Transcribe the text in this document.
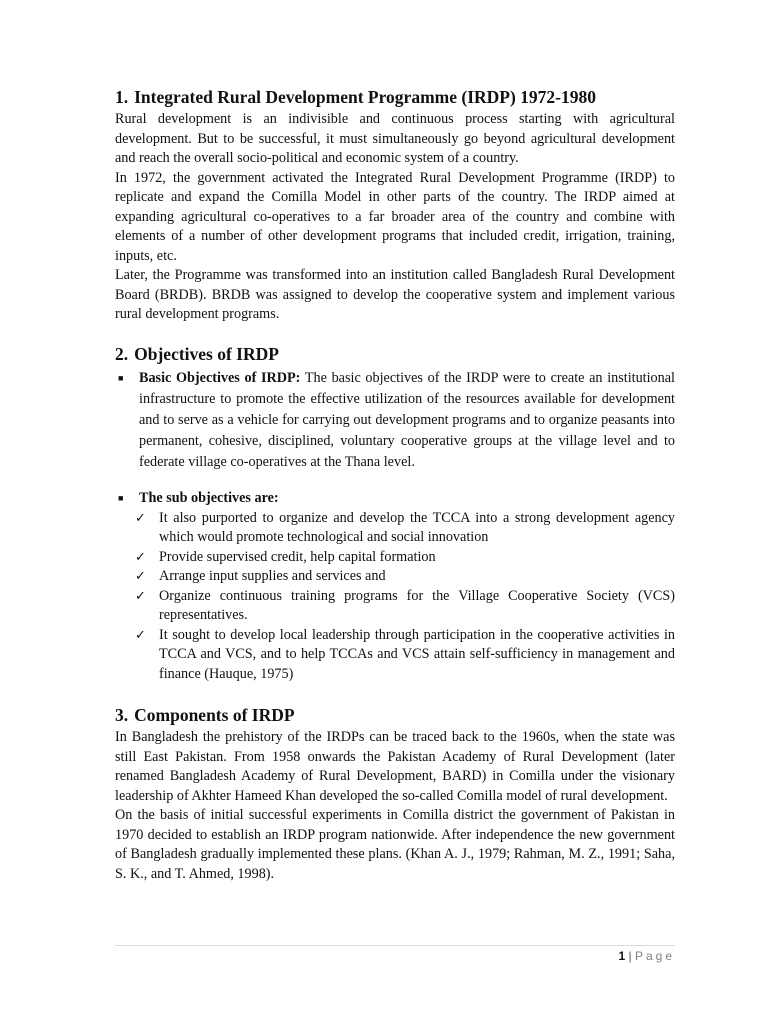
1. Integrated Rural Development Programme (IRDP) 1972-1980

Rural development is an indivisible and continuous process starting with agricultural development. But to be successful, it must simultaneously go beyond agricultural development and reach the overall socio-political and economic system of a country.

In 1972, the government activated the Integrated Rural Development Programme (IRDP) to replicate and expand the Comilla Model in other parts of the country. The IRDP aimed at expanding agricultural co-operatives to a far broader area of the country and combine with elements of a number of other development programs that included credit, irrigation, training, inputs, etc.

Later, the Programme was transformed into an institution called Bangladesh Rural Development Board (BRDB). BRDB was assigned to develop the cooperative system and implement various rural development programs.

2. Objectives of IRDP
■ Basic Objectives of IRDP: The basic objectives of the IRDP were to create an institutional infrastructure to promote the effective utilization of the resources available for development and to serve as a vehicle for carrying out development programs and to organize peasants into permanent, cohesive, disciplined, voluntary cooperative groups at the village level and to federate village co-operatives at the Thana level.
■ The sub objectives are:
✓ It also purported to organize and develop the TCCA into a strong development agency which would promote technological and social innovation
✓ Provide supervised credit, help capital formation
✓ Arrange input supplies and services and
✓ Organize continuous training programs for the Village Cooperative Society (VCS) representatives.
✓ It sought to develop local leadership through participation in the cooperative activities in TCCA and VCS, and to help TCCAs and VCS attain self-sufficiency in management and finance (Hauque, 1975)
3. Components of IRDP

In Bangladesh the prehistory of the IRDPs can be traced back to the 1960s, when the state was still East Pakistan. From 1958 onwards the Pakistan Academy of Rural Development (later renamed Bangladesh Academy of Rural Development, BARD) in Comilla under the visionary leadership of Akhter Hameed Khan developed the so-called Comilla model of rural development.

On the basis of initial successful experiments in Comilla district the government of Pakistan in 1970 decided to establish an IRDP program nationwide. After independence the new government of Bangladesh gradually implemented these plans. (Khan A. J., 1979; Rahman, M. Z., 1991; Saha, S. K., and T. Ahmed, 1998).

1 | Page
